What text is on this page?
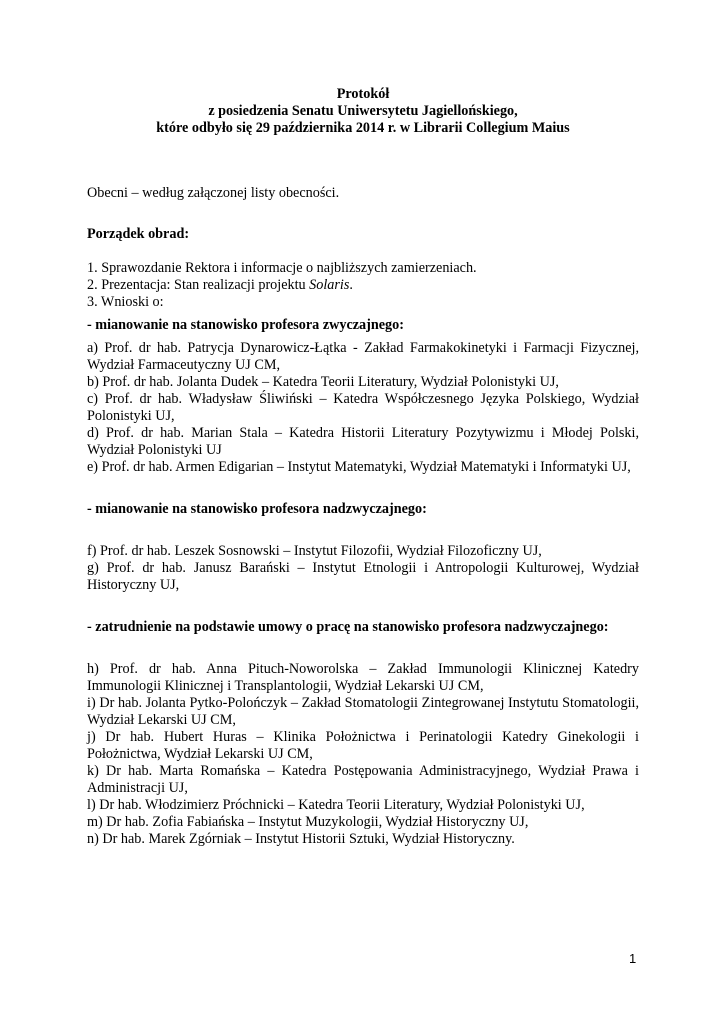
Protokół
z posiedzenia Senatu Uniwersytetu Jagiellońskiego,
które odbyło się 29 października 2014 r. w Librarii Collegium Maius
Obecni – według załączonej listy obecności.
Porządek obrad:
1. Sprawozdanie Rektora i informacje o najbliższych zamierzeniach.
2. Prezentacja: Stan realizacji projektu Solaris.
3. Wnioski o:
- mianowanie na stanowisko profesora zwyczajnego:
a) Prof. dr hab. Patrycja Dynarowicz-Łątka - Zakład Farmakokinetyki i Farmacji Fizycznej, Wydział Farmaceutyczny UJ CM,
b) Prof. dr hab. Jolanta Dudek – Katedra Teorii Literatury, Wydział Polonistyki UJ,
c) Prof. dr hab. Władysław Śliwiński – Katedra Współczesnego Języka Polskiego, Wydział Polonistyki UJ,
d) Prof. dr hab. Marian Stala – Katedra Historii Literatury Pozytywizmu i Młodej Polski, Wydział Polonistyki UJ
e) Prof. dr hab. Armen Edigarian – Instytut Matematyki, Wydział Matematyki i Informatyki UJ,
- mianowanie na stanowisko profesora nadzwyczajnego:
f) Prof. dr hab. Leszek Sosnowski – Instytut Filozofii, Wydział Filozoficzny UJ,
g) Prof. dr hab. Janusz Barański – Instytut Etnologii i Antropologii Kulturowej, Wydział Historyczny UJ,
- zatrudnienie na podstawie umowy o pracę na stanowisko profesora nadzwyczajnego:
h) Prof. dr hab. Anna Pituch-Noworolska – Zakład Immunologii Klinicznej Katedry Immunologii Klinicznej i Transplantologii, Wydział Lekarski UJ CM,
i) Dr hab. Jolanta Pytko-Polończyk – Zakład Stomatologii Zintegrowanej Instytutu Stomatologii, Wydział Lekarski UJ CM,
j) Dr hab. Hubert Huras – Klinika Położnictwa i Perinatologii Katedry Ginekologii i Położnictwa, Wydział Lekarski UJ CM,
k) Dr hab. Marta Romańska – Katedra Postępowania Administracyjnego, Wydział Prawa i Administracji UJ,
l) Dr hab. Włodzimierz Próchnicki – Katedra Teorii Literatury, Wydział Polonistyki UJ,
m) Dr hab. Zofia Fabiańska – Instytut Muzykologii, Wydział Historyczny UJ,
n) Dr hab. Marek Zgórniak – Instytut Historii Sztuki, Wydział Historyczny.
1
